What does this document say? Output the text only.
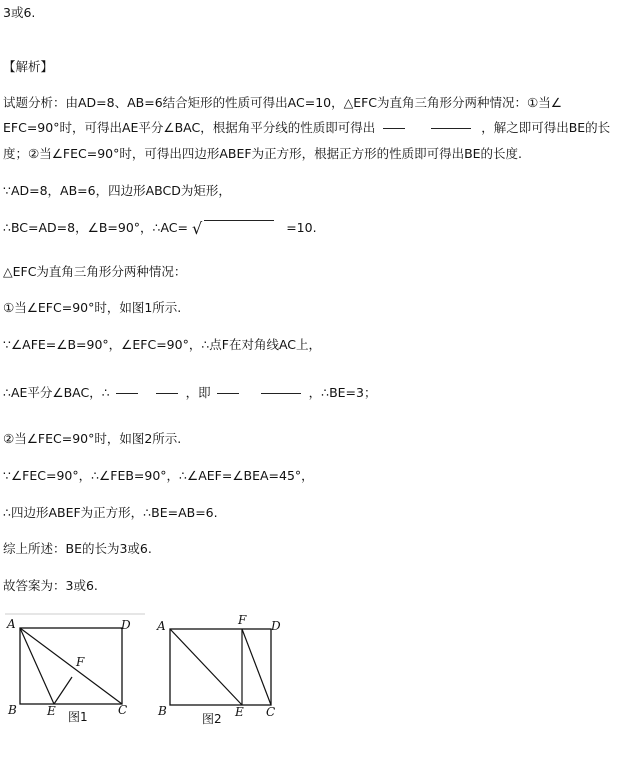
3或6.
【解析】
试题分析：由AD=8、AB=6结合矩形的性质可得出AC=10，△EFC为直角三角形分两种情况：①当∠
EFC=90°时，可得出AE平分∠BAC，根据角平分线的性质即可得出	，解之即可得出BE的长
度；②当∠FEC=90°时，可得出四边形ABEF为正方形，根据正方形的性质即可得出BE的长度.
∵AD=8，AB=6，四边形ABCD为矩形，
∴BC=AD=8，∠B=90°，∴AC= √	=10.
△EFC为直角三角形分两种情况：
①当∠EFC=90°时，如图1所示.
∵∠AFE=∠B=90°，∠EFC=90°，∴点F在对角线AC上，
∴AE平分∠BAC，∴	，即	，∴BE=3；
②当∠FEC=90°时，如图2所示.
∵∠FEC=90°，∴∠FEB=90°，∴∠AEF=∠BEA=45°，
∴四边形ABEF为正方形，∴BE=AB=6.
综上所述：BE的长为3或6.
故答案为：3或6.
A	D
B	C
E
F
图1
A	F D
B	E C
图2
